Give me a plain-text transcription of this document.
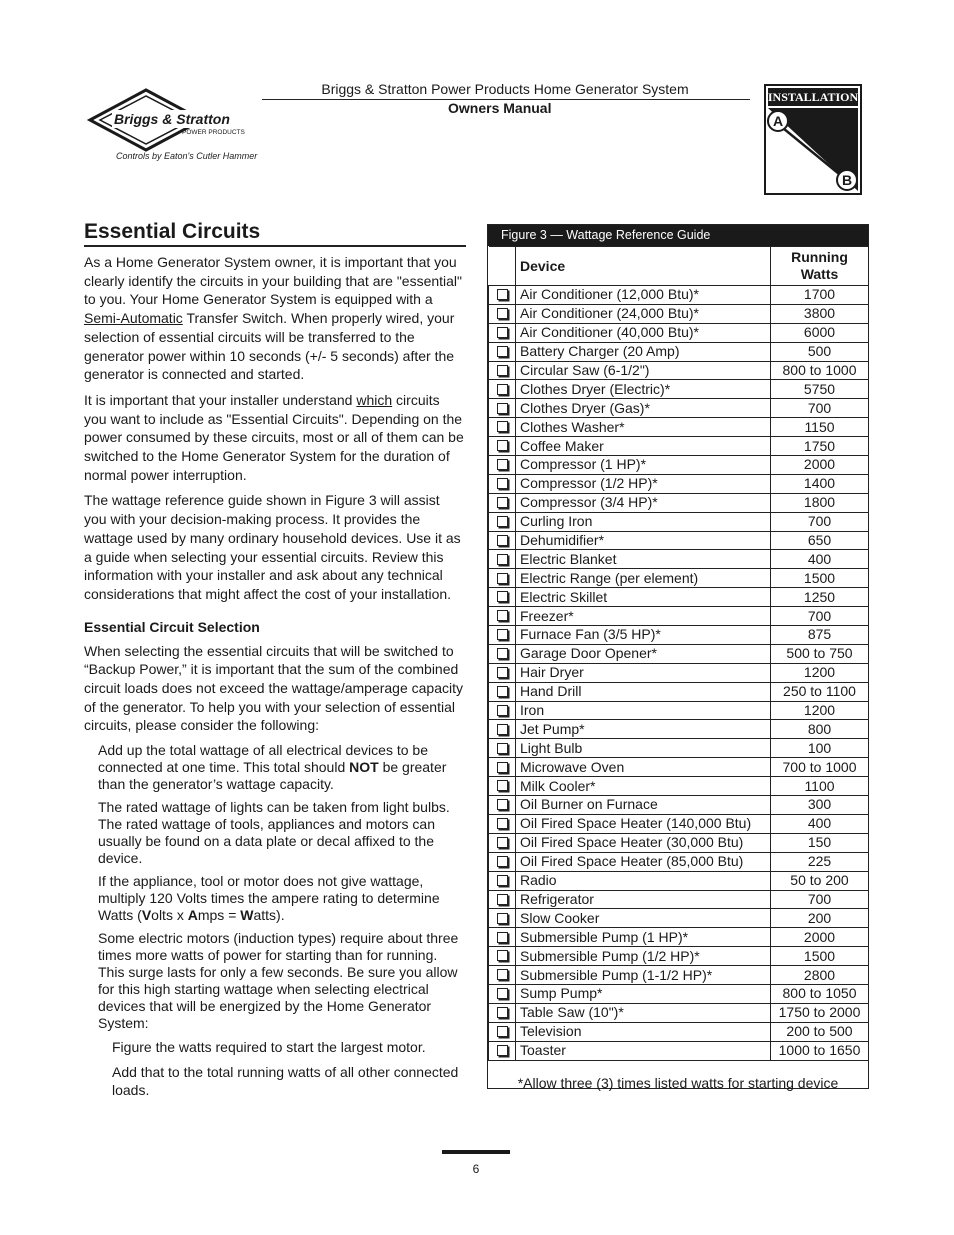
Briggs & Stratton
POWER PRODUCTS
Controls by Eaton's Cutler Hammer
Briggs & Stratton Power Products Home Generator System
Owners Manual
INSTALLATION
A
B
Essential Circuits

As a Home Generator System owner, it is important that you clearly identify the circuits in your building that are "essential" to you. Your Home Generator System is equipped with a Semi-Automatic Transfer Switch. When properly wired, your selection of essential circuits will be transferred to the generator power within 10 seconds (+/- 5 seconds) after the generator is connected and started.

It is important that your installer understand which circuits you want to include as "Essential Circuits". Depending on the power consumed by these circuits, most or all of them can be switched to the Home Generator System for the duration of normal power interruption.

The wattage reference guide shown in Figure 3 will assist you with your decision-making process. It provides the wattage used by many ordinary household devices. Use it as a guide when selecting your essential circuits. Review this information with your installer and ask about any technical considerations that might affect the cost of your installation.

Essential Circuit Selection

When selecting the essential circuits that will be switched to “Backup Power,” it is important that the sum of the combined circuit loads does not exceed the wattage/amperage capacity of the generator. To help you with your selection of essential circuits, please consider the following:

Add up the total wattage of all electrical devices to be connected at one time. This total should NOT be greater than the generator’s wattage capacity.

The rated wattage of lights can be taken from light bulbs. The rated wattage of tools, appliances and motors can usually be found on a data plate or decal affixed to the device.

If the appliance, tool or motor does not give wattage, multiply 120 Volts times the ampere rating to determine Watts (Volts x Amps = Watts).

Some electric motors (induction types) require about three times more watts of power for starting than for running. This surge lasts for only a few seconds. Be sure you allow for this high starting wattage when selecting electrical devices that will be energized by the Home Generator System:

Figure the watts required to start the largest motor.

Add that to the total running watts of all other connected loads.

Figure 3 — Wattage Reference Guide
	Device	Running
Watts
	Air Conditioner (12,000 Btu)*	1700
	Air Conditioner (24,000 Btu)*	3800
	Air Conditioner (40,000 Btu)*	6000
	Battery Charger (20 Amp)	500
	Circular Saw (6-1/2")	800 to 1000
	Clothes Dryer (Electric)*	5750
	Clothes Dryer (Gas)*	700
	Clothes Washer*	1150
	Coffee Maker	1750
	Compressor (1 HP)*	2000
	Compressor (1/2 HP)*	1400
	Compressor (3/4 HP)*	1800
	Curling Iron	700
	Dehumidifier*	650
	Electric Blanket	400
	Electric Range (per element)	1500
	Electric Skillet	1250
	Freezer*	700
	Furnace Fan (3/5 HP)*	875
	Garage Door Opener*	500 to 750
	Hair Dryer	1200
	Hand Drill	250 to 1100
	Iron	1200
	Jet Pump*	800
	Light Bulb	100
	Microwave Oven	700 to 1000
	Milk Cooler*	1100
	Oil Burner on Furnace	300
	Oil Fired Space Heater (140,000 Btu)	400
	Oil Fired Space Heater (30,000 Btu)	150
	Oil Fired Space Heater (85,000 Btu)	225
	Radio	50 to 200
	Refrigerator	700
	Slow Cooker	200
	Submersible Pump (1 HP)*	2000
	Submersible Pump (1/2 HP)*	1500
	Submersible Pump (1-1/2 HP)*	2800
	Sump Pump*	800 to 1050
	Table Saw (10")*	1750 to 2000
	Television	200 to 500
	Toaster	1000 to 1650
*Allow three (3) times listed watts for starting device
6
